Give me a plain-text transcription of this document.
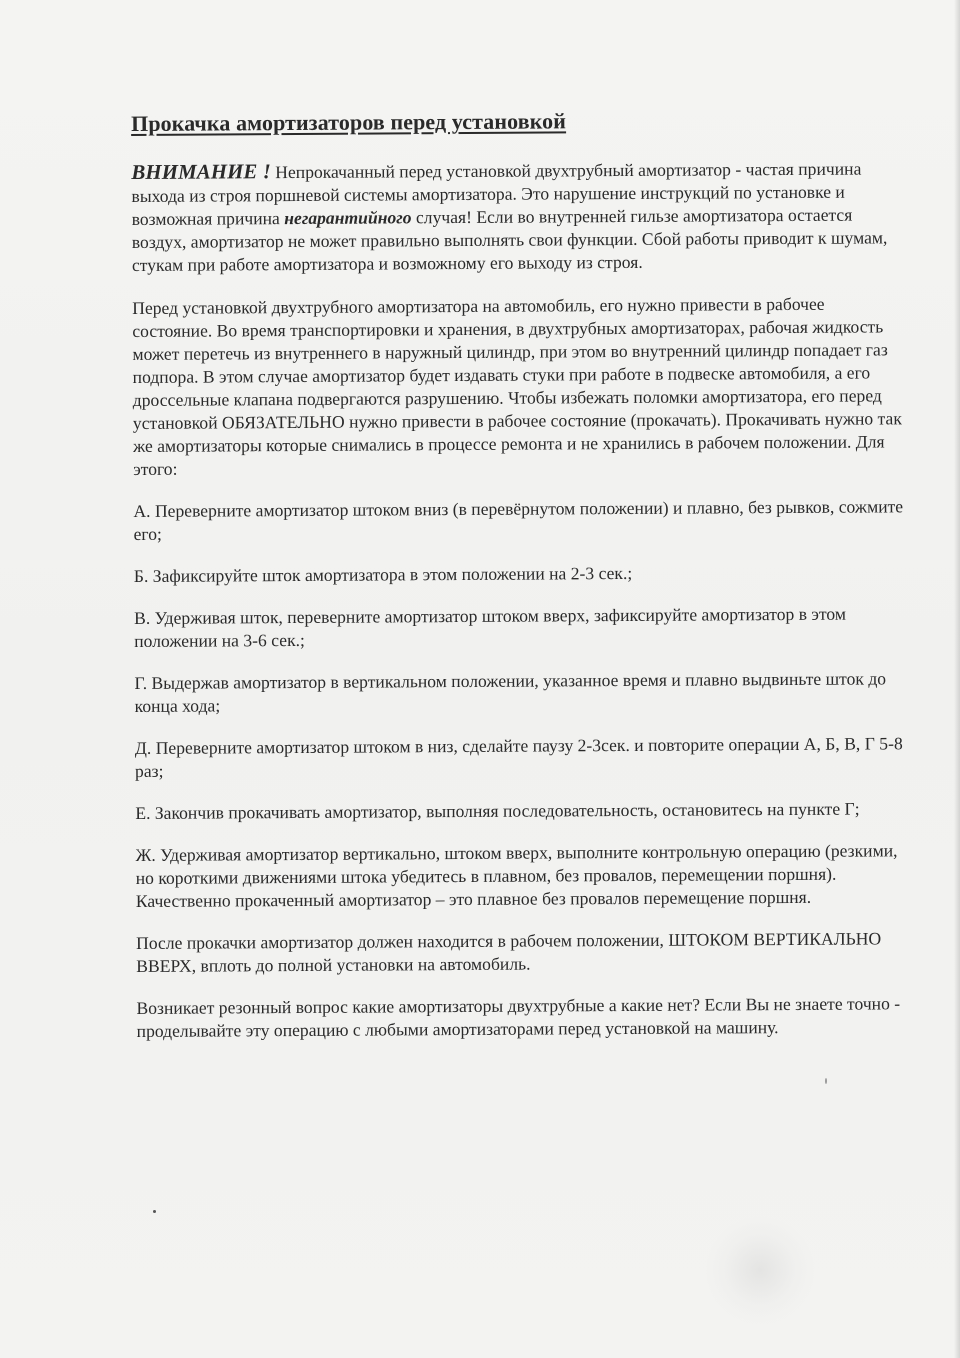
Прокачка амортизаторов перед установкой

ВНИМАНИЕ ! Непрокачанный перед установкой двухтрубный амортизатор - частая причина выхода из строя поршневой системы амортизатора. Это нарушение инструкций по установке и возможная причина негарантийного случая! Если во внутренней гильзе амортизатора остается воздух, амортизатор не может правильно выполнять свои функции. Сбой работы приводит к шумам, стукам при работе амортизатора и возможному его выходу из строя.

Перед установкой двухтрубного амортизатора на автомобиль, его нужно привести в рабочее состояние. Во время транспортировки и хранения, в двухтрубных амортизаторах, рабочая жидкость может перетечь из внутреннего в наружный цилиндр, при этом во внутренний цилиндр попадает газ подпора. В этом случае амортизатор будет издавать стуки при работе в подвеске автомобиля, а его дроссельные клапана подвергаются разрушению. Чтобы избежать поломки амортизатора, его перед установкой ОБЯЗАТЕЛЬНО нужно привести в рабочее состояние (прокачать). Прокачивать нужно так же амортизаторы которые снимались в процессе ремонта и не хранились в рабочем положении. Для этого:

А. Переверните амортизатор штоком вниз (в перевёрнутом положении) и плавно, без рывков, сожмите его;

Б. Зафиксируйте шток амортизатора в этом положении на 2-3 сек.;

В. Удерживая шток, переверните амортизатор штоком вверх, зафиксируйте амортизатор в этом положении на 3-6 сек.;

Г. Выдержав амортизатор в вертикальном положении, указанное время и плавно выдвиньте шток до конца хода;

Д. Переверните амортизатор штоком в низ, сделайте паузу 2-3сек. и повторите операции А, Б, В, Г 5-8 раз;

Е. Закончив прокачивать амортизатор, выполняя последовательность, остановитесь на пункте Г;

Ж. Удерживая амортизатор вертикально, штоком вверх, выполните контрольную операцию (резкими, но короткими движениями штока убедитесь в плавном, без провалов, перемещении поршня). Качественно прокаченный амортизатор – это плавное без провалов перемещение поршня.

После прокачки амортизатор должен находится в рабочем положении, ШТОКОМ ВЕРТИКАЛЬНО ВВЕРХ, вплоть до полной установки на автомобиль.

Возникает резонный вопрос какие амортизаторы двухтрубные а какие нет? Если Вы не знаете точно - проделывайте эту операцию с любыми амортизаторами перед установкой на машину.
